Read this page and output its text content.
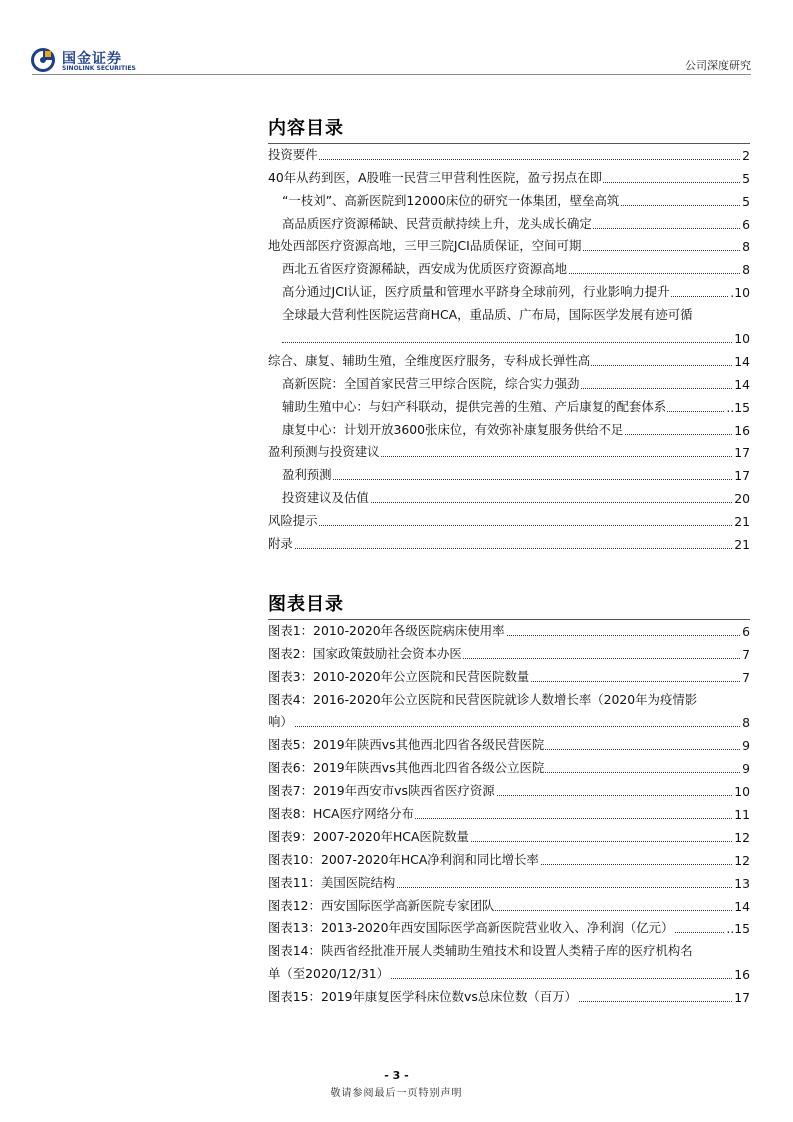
国金证券
SINOLINK SECURITIES	公司深度研究
内容目录
投资要件	2
40年从药到医，A股唯一民营三甲营利性医院，盈亏拐点在即	5
“一枝刘”、高新医院到12000床位的研究一体集团，壁垒高筑	5
高品质医疗资源稀缺、民营贡献持续上升，龙头成长确定	6
地处西部医疗资源高地，三甲三院JCI品质保证，空间可期	8
西北五省医疗资源稀缺，西安成为优质医疗资源高地	8
高分通过JCI认证，医疗质量和管理水平跻身全球前列，行业影响力提升	.10
全球最大营利性医院运营商HCA，重品质、广布局，国际医学发展有迹可循
10
综合、康复、辅助生殖，全维度医疗服务，专科成长弹性高	14
高新医院：全国首家民营三甲综合医院，综合实力强劲	14
辅助生殖中心：与妇产科联动，提供完善的生殖、产后康复的配套体系	..15
康复中心：计划开放3600张床位，有效弥补康复服务供给不足	16
盈利预测与投资建议	17
盈利预测	17
投资建议及估值	20
风险提示	21
附录	21
图表目录
图表1：2010-2020年各级医院病床使用率	6
图表2：国家政策鼓励社会资本办医	7
图表3：2010-2020年公立医院和民营医院数量	7
图表4：2016-2020年公立医院和民营医院就诊人数增长率（2020年为疫情影
响）	8
图表5：2019年陕西vs其他西北四省各级民营医院	9
图表6：2019年陕西vs其他西北四省各级公立医院	9
图表7：2019年西安市vs陕西省医疗资源	10
图表8：HCA医疗网络分布	11
图表9：2007-2020年HCA医院数量	12
图表10：2007-2020年HCA净利润和同比增长率	12
图表11：美国医院结构	13
图表12：西安国际医学高新医院专家团队	14
图表13：2013-2020年西安国际医学高新医院营业收入、净利润（亿元）	..15
图表14：陕西省经批准开展人类辅助生殖技术和设置人类精子库的医疗机构名
单（至2020/12/31）	16
图表15：2019年康复医学科床位数vs总床位数（百万）	17
- 3 -
敬请参阅最后一页特别声明
